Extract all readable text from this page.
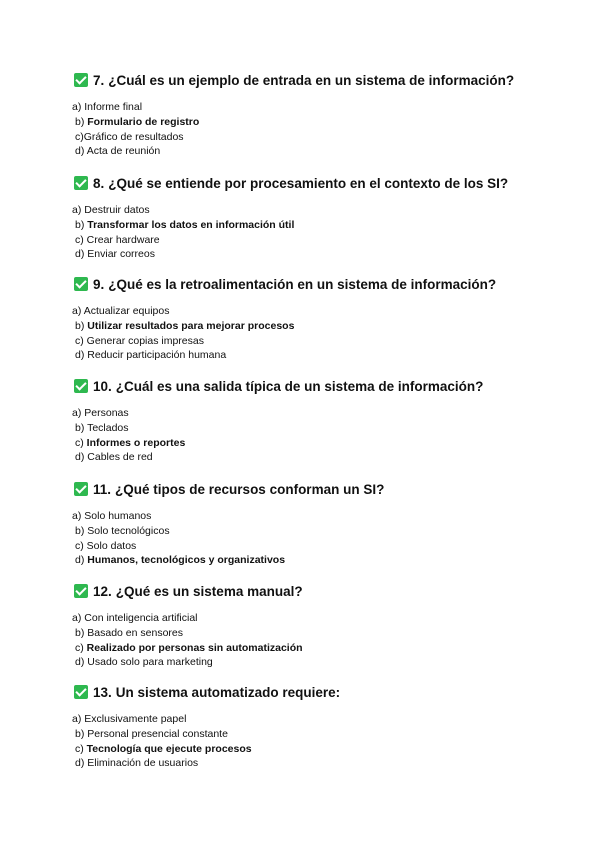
7. ¿Cuál es un ejemplo de entrada en un sistema de información?
a) Informe final
b) Formulario de registro
c)Gráfico de resultados
d) Acta de reunión
8. ¿Qué se entiende por procesamiento en el contexto de los SI?
a) Destruir datos
b) Transformar los datos en información útil
c) Crear hardware
d) Enviar correos
9. ¿Qué es la retroalimentación en un sistema de información?
a) Actualizar equipos
b) Utilizar resultados para mejorar procesos
c) Generar copias impresas
d) Reducir participación humana
10. ¿Cuál es una salida típica de un sistema de información?
a) Personas
b) Teclados
c) Informes o reportes
d) Cables de red
11. ¿Qué tipos de recursos conforman un SI?
a) Solo humanos
b) Solo tecnológicos
c) Solo datos
d) Humanos, tecnológicos y organizativos
12. ¿Qué es un sistema manual?
a) Con inteligencia artificial
b) Basado en sensores
c) Realizado por personas sin automatización
d) Usado solo para marketing
13. Un sistema automatizado requiere:
a) Exclusivamente papel
b) Personal presencial constante
c) Tecnología que ejecute procesos
d) Eliminación de usuarios
